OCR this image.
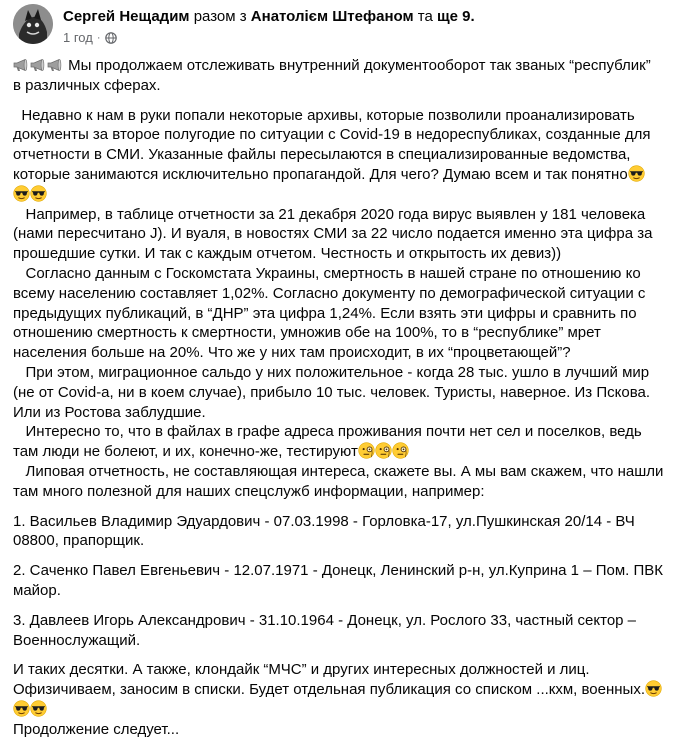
Сергей Нещадим разом з Анатолієм Штефаном та ще 9.
1 год ·

Мы продолжаем отслеживать внутренний документооборот так званых “республик”

в различных сферах.

Недавно к нам в руки попали некоторые архивы, которые позволили проанализировать

документы за второе полугодие по ситуации с Covid-19 в недореспубликах, созданные для

отчетности в СМИ. Указанные файлы пересылаются в специализированные ведомства,

которые занимаются исключительно пропагандой. Для чего? Думаю всем и так понятно

Например, в таблице отчетности за 21 декабря 2020 года вирус выявлен у 181 человека

(нами пересчитано J). И вуаля, в новостях СМИ за 22 число подается именно эта цифра за

прошедшие сутки. И так с каждым отчетом. Честность и открытость их девиз))

Согласно данным с Госкомстата Украины, смертность в нашей стране по отношению ко

всему населению составляет 1,02%. Согласно документу по демографической ситуации с

предыдущих публикаций, в “ДНР” эта цифра 1,24%. Если взять эти цифры и сравнить по

отношению смертность к смертности, умножив обе на 100%, то в “республике” мрет

населения больше на 20%. Что же у них там происходит, в их “процветающей”?

При этом, миграционное сальдо у них положительное - когда 28 тыс. ушло в лучший мир

(не от Covid-а, ни в коем случае), прибыло 10 тыс. человек. Туристы, наверное. Из Пскова.

Или из Ростова заблудшие.

Интересно то, что в файлах в графе адреса проживания почти нет сел и поселков, ведь

там люди не болеют, и их, конечно-же, тестируют

Липовая отчетность, не составляющая интереса, скажете вы. А мы вам скажем, что нашли

там много полезной для наших спецслужб информации, например:

1. Васильев Владимир Эдуардович - 07.03.1998 - Горловка-17, ул.Пушкинская 20/14 - ВЧ

08800, прапорщик.

2. Саченко Павел Евгеньевич - 12.07.1971 - Донецк, Ленинский р-н, ул.Куприна 1 – Пом. ПВК

майор.

3. Давлеев Игорь Александрович - 31.10.1964 - Донецк, ул. Рослого 33, частный сектор –

Военнослужащий.

И таких десятки. А также, клондайк “МЧС” и других интересных должностей и лиц.

Офизичиваем, заносим в списки. Будет отдельная публикация со списком ...кхм, военных.

Продолжение следует...
